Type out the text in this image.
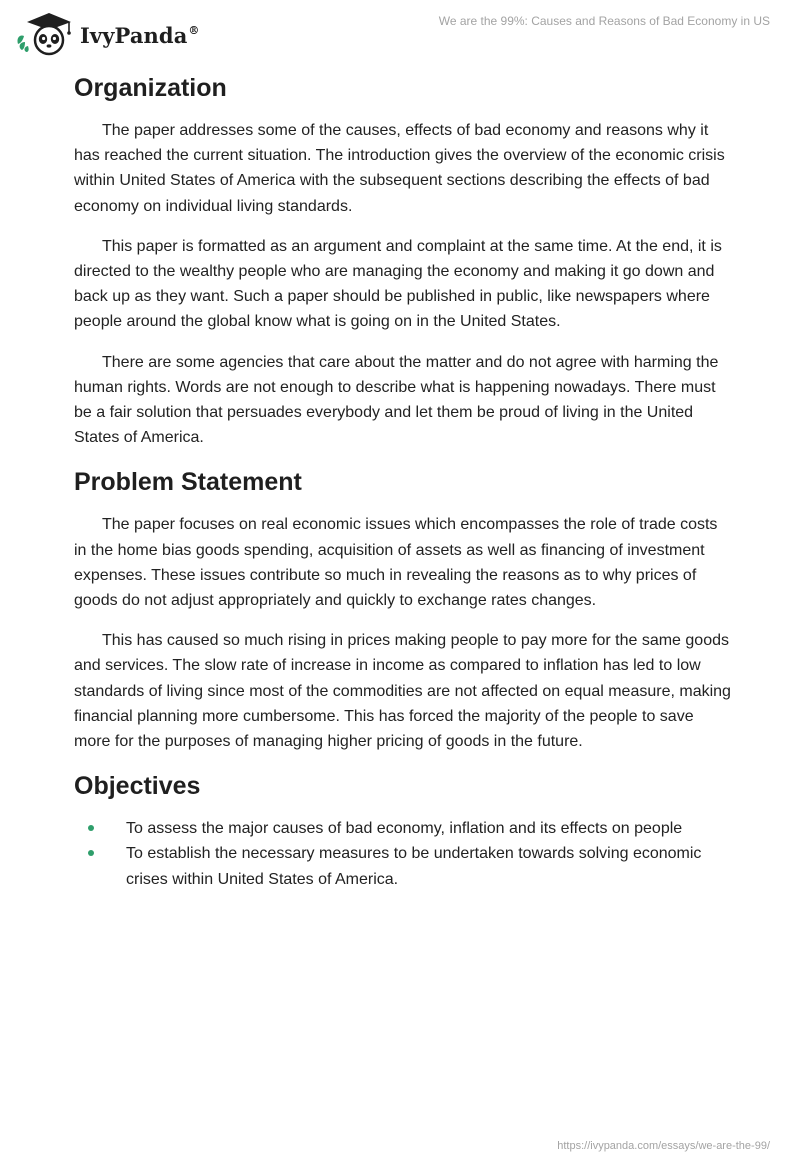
IvyPanda®
We are the 99%: Causes and Reasons of Bad Economy in US
Organization

The paper addresses some of the causes, effects of bad economy and reasons why it has reached the current situation. The introduction gives the overview of the economic crisis within United States of America with the subsequent sections describing the effects of bad economy on individual living standards.

This paper is formatted as an argument and complaint at the same time. At the end, it is directed to the wealthy people who are managing the economy and making it go down and back up as they want. Such a paper should be published in public, like newspapers where people around the global know what is going on in the United States.

There are some agencies that care about the matter and do not agree with harming the human rights. Words are not enough to describe what is happening nowadays. There must be a fair solution that persuades everybody and let them be proud of living in the United States of America.

Problem Statement

The paper focuses on real economic issues which encompasses the role of trade costs in the home bias goods spending, acquisition of assets as well as financing of investment expenses. These issues contribute so much in revealing the reasons as to why prices of goods do not adjust appropriately and quickly to exchange rates changes.

This has caused so much rising in prices making people to pay more for the same goods and services. The slow rate of increase in income as compared to inflation has led to low standards of living since most of the commodities are not affected on equal measure, making financial planning more cumbersome. This has forced the majority of the people to save more for the purposes of managing higher pricing of goods in the future.

Objectives
To assess the major causes of bad economy, inflation and its effects on people
To establish the necessary measures to be undertaken towards solving economic crises within United States of America.
https://ivypanda.com/essays/we-are-the-99/
